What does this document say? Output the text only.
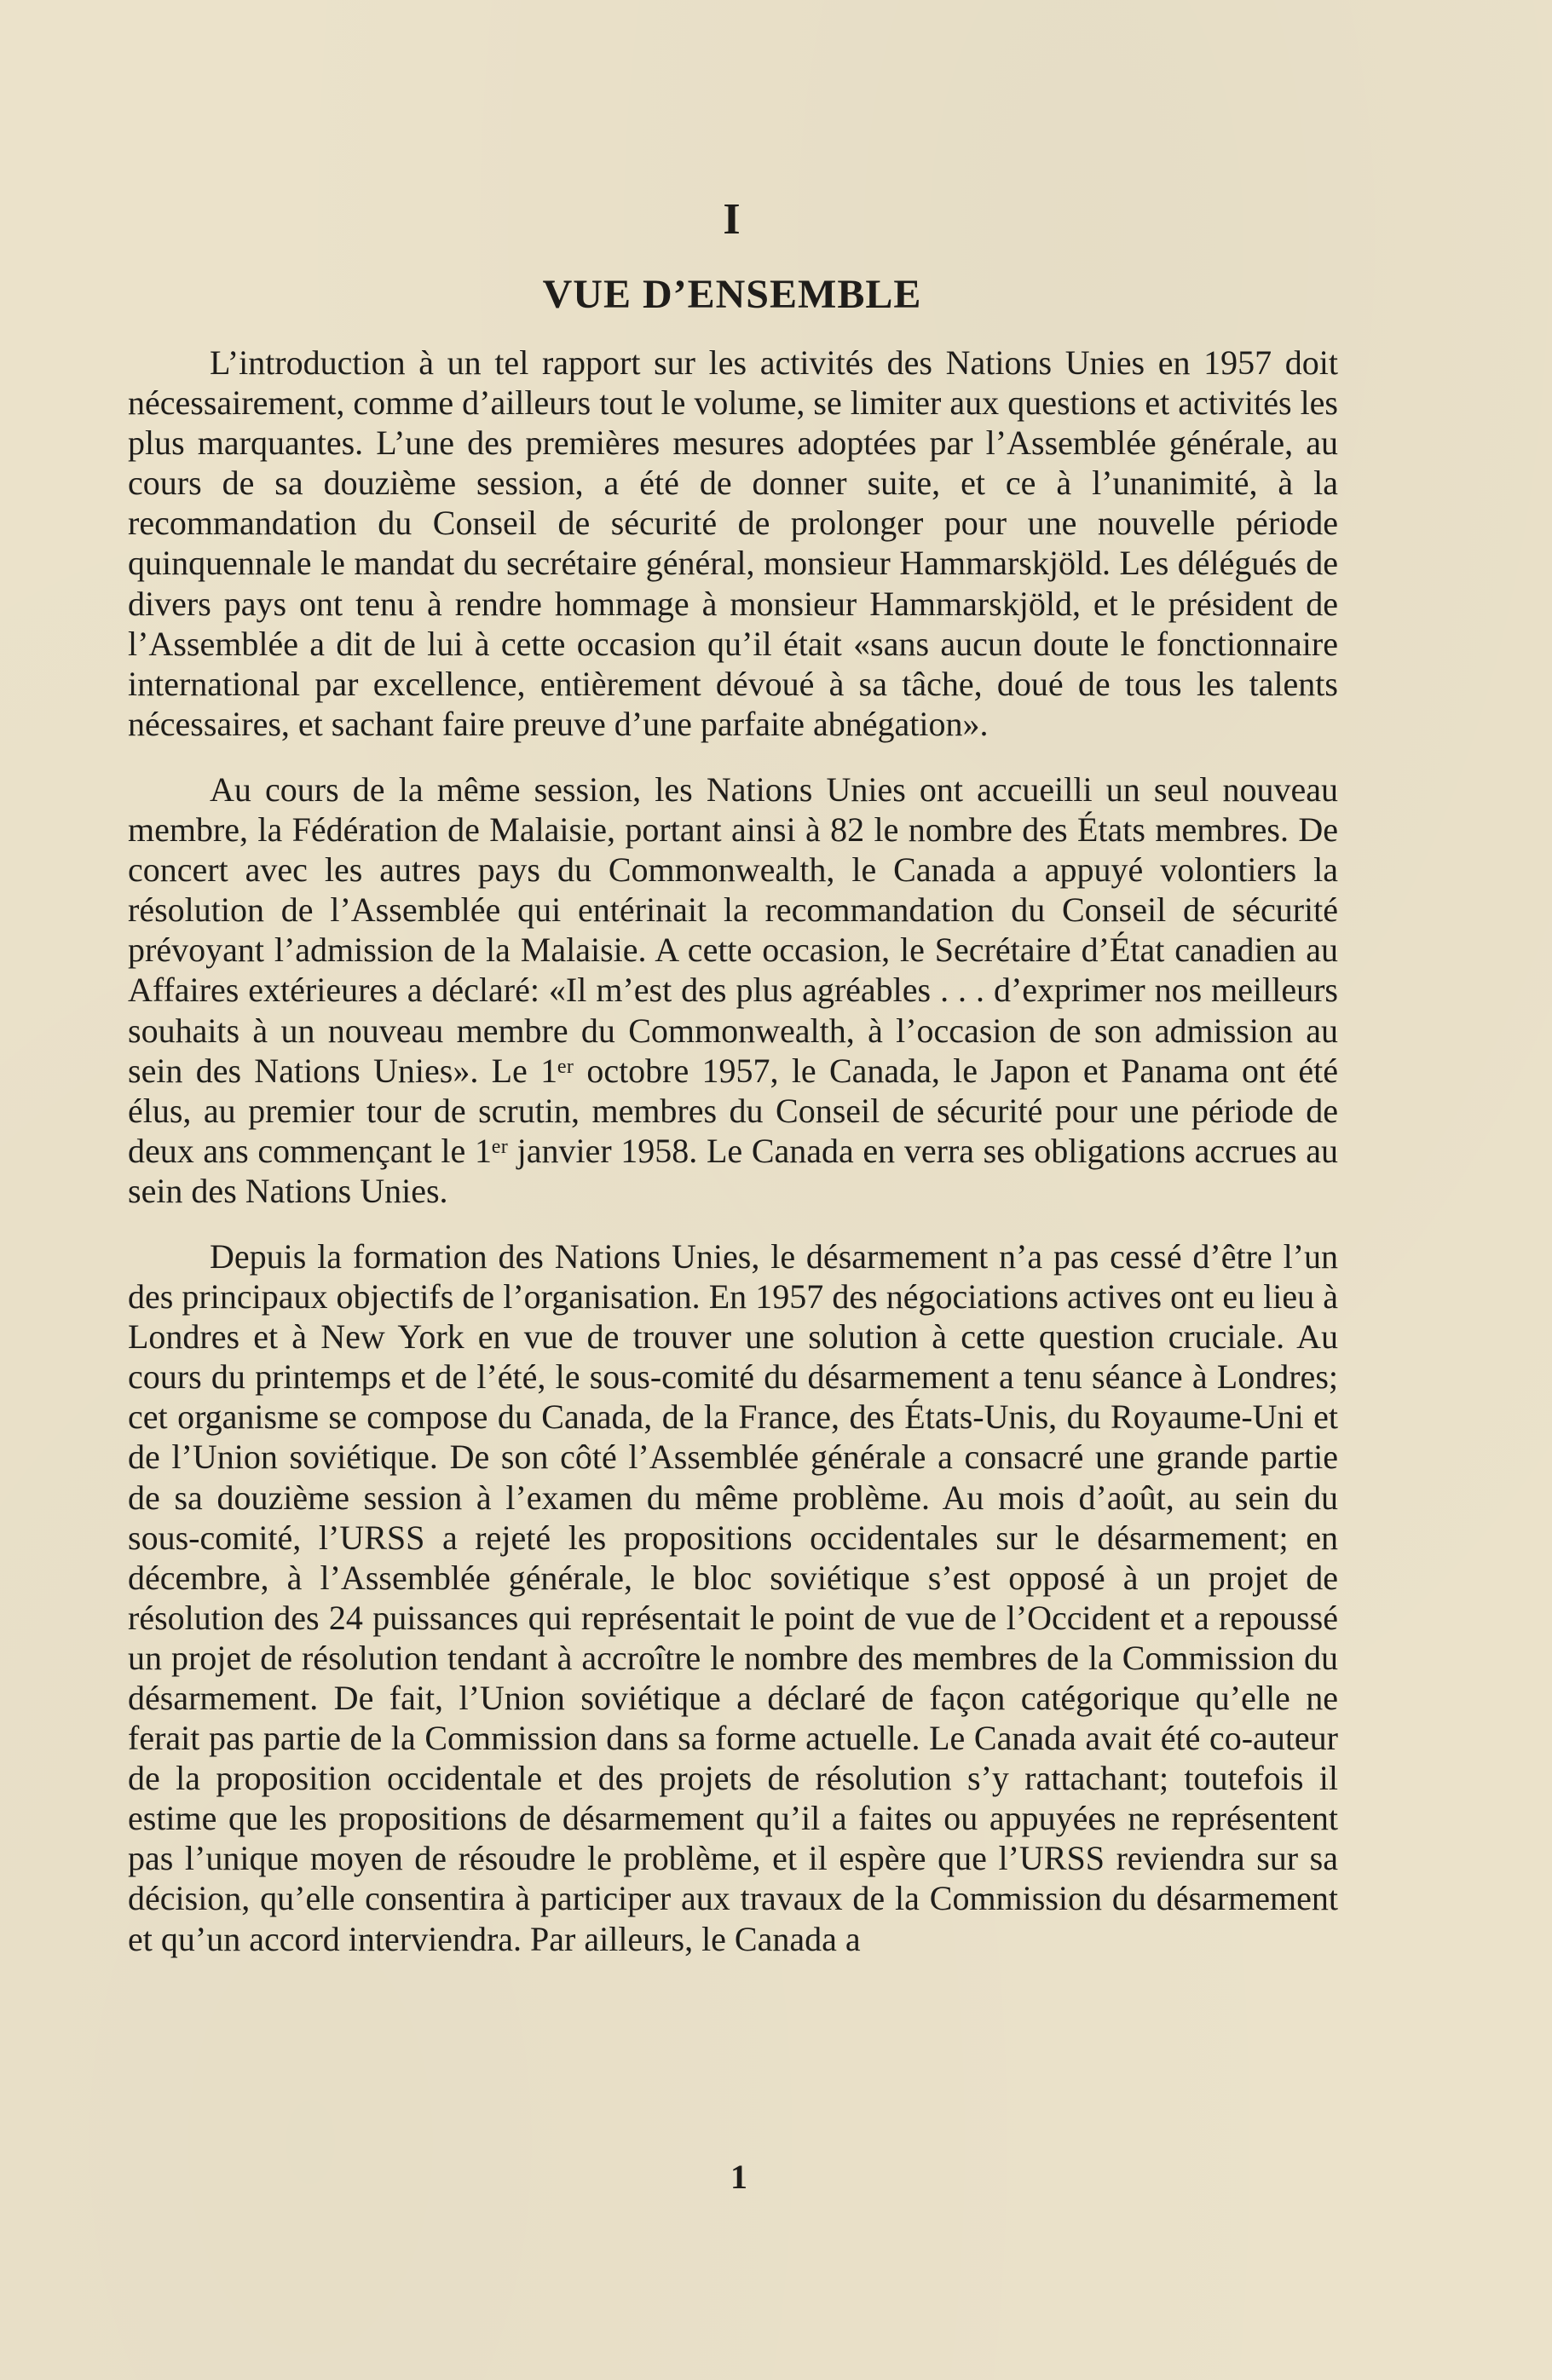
I
VUE D’ENSEMBLE

L’introduction à un tel rapport sur les activités des Nations Unies en 1957 doit nécessairement, comme d’ailleurs tout le volume, se limiter aux questions et activités les plus marquantes. L’une des premières mesures adoptées par l’Assemblée générale, au cours de sa douzième session, a été de donner suite, et ce à l’unanimité, à la recommandation du Conseil de sécurité de prolonger pour une nouvelle période quinquennale le mandat du secrétaire général, monsieur Hammarskjöld. Les délégués de divers pays ont tenu à rendre hommage à monsieur Hammarskjöld, et le président de l’Assemblée a dit de lui à cette occasion qu’il était «sans aucun doute le fonctionnaire international par excellence, entièrement dévoué à sa tâche, doué de tous les talents nécessaires, et sachant faire preuve d’une parfaite abnégation».

Au cours de la même session, les Nations Unies ont accueilli un seul nouveau membre, la Fédération de Malaisie, portant ainsi à 82 le nombre des États membres. De concert avec les autres pays du Commonwealth, le Canada a appuyé volontiers la résolution de l’Assemblée qui entérinait la recommandation du Conseil de sécurité prévoyant l’admission de la Malaisie. A cette occasion, le Secrétaire d’État canadien au Affaires extérieures a déclaré: «Il m’est des plus agréables . . . d’exprimer nos meilleurs souhaits à un nouveau membre du Commonwealth, à l’occasion de son admission au sein des Nations Unies». Le 1ᵉʳ octobre 1957, le Canada, le Japon et Panama ont été élus, au premier tour de scrutin, membres du Conseil de sécurité pour une période de deux ans commençant le 1ᵉʳ janvier 1958. Le Canada en verra ses obligations accrues au sein des Nations Unies.

Depuis la formation des Nations Unies, le désarmement n’a pas cessé d’être l’un des principaux objectifs de l’organisation. En 1957 des négociations actives ont eu lieu à Londres et à New York en vue de trouver une solution à cette question cruciale. Au cours du printemps et de l’été, le sous-comité du désarmement a tenu séance à Londres; cet organisme se compose du Canada, de la France, des États-Unis, du Royaume-Uni et de l’Union soviétique. De son côté l’Assemblée générale a consacré une grande partie de sa douzième session à l’examen du même problème. Au mois d’août, au sein du sous-comité, l’URSS a rejeté les propositions occidentales sur le désarmement; en décembre, à l’Assemblée générale, le bloc soviétique s’est opposé à un projet de résolution des 24 puissances qui représentait le point de vue de l’Occident et a repoussé un projet de résolution tendant à accroître le nombre des membres de la Commission du désarmement. De fait, l’Union soviétique a déclaré de façon catégorique qu’elle ne ferait pas partie de la Commission dans sa forme actuelle. Le Canada avait été co-auteur de la proposition occidentale et des projets de résolution s’y rattachant; toutefois il estime que les propositions de désarmement qu’il a faites ou appuyées ne représentent pas l’unique moyen de résoudre le problème, et il espère que l’URSS reviendra sur sa décision, qu’elle consentira à participer aux travaux de la Commission du désarmement et qu’un accord interviendra. Par ailleurs, le Canada a

1
